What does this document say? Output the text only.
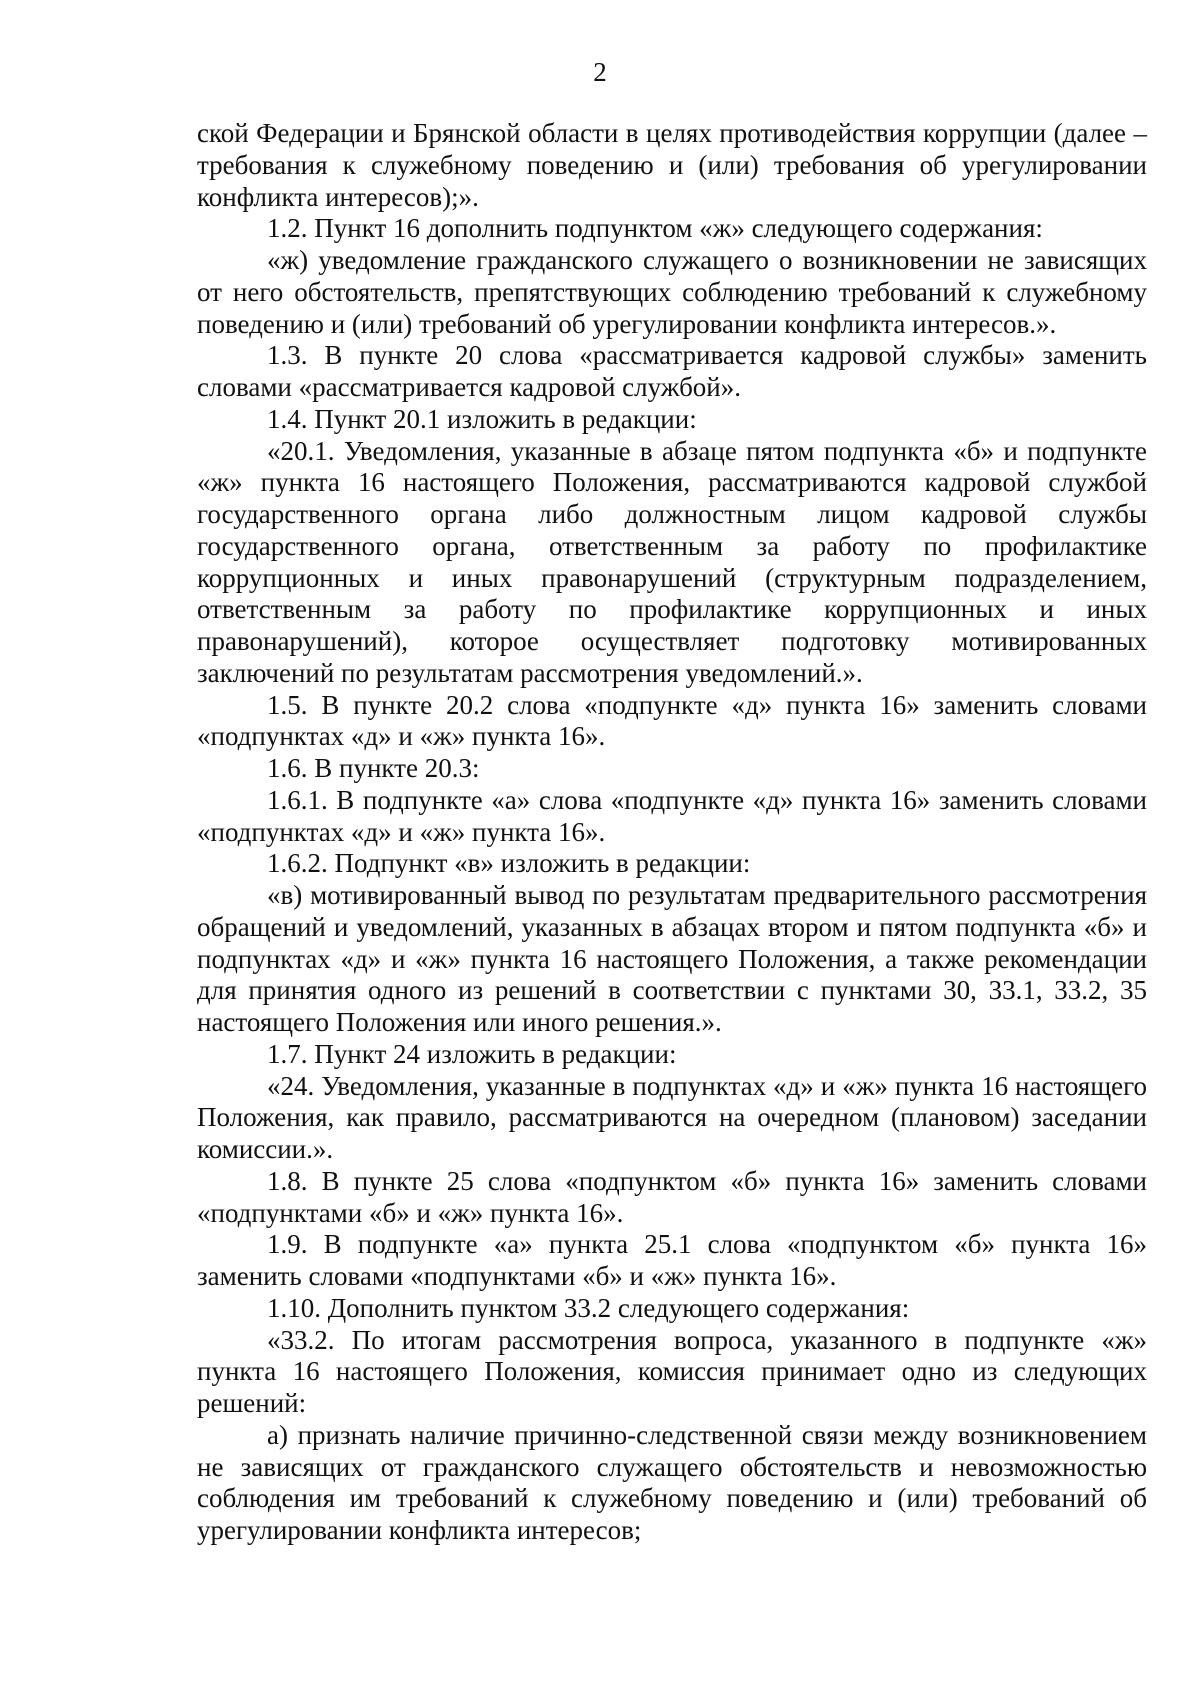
2

ской Федерации и Брянской области в целях противодействия коррупции (далее – требования к служебному поведению и (или) требования об урегулировании конфликта интересов);».

1.2. Пункт 16 дополнить подпунктом «ж» следующего содержания:

«ж) уведомление гражданского служащего о возникновении не зависящих от него обстоятельств, препятствующих соблюдению требований к служебному поведению и (или) требований об урегулировании конфликта интересов.».

1.3. В пункте 20 слова «рассматривается кадровой службы» заменить словами «рассматривается кадровой службой».

1.4. Пункт 20.1 изложить в редакции:

«20.1. Уведомления, указанные в абзаце пятом подпункта «б» и подпункте «ж» пункта 16 настоящего Положения, рассматриваются кадровой службой государственного органа либо должностным лицом кадровой службы государственного органа, ответственным за работу по профилактике коррупционных и иных правонарушений (структурным подразделением, ответственным за работу по профилактике коррупционных и иных правонарушений), которое осуществляет подготовку мотивированных заключений по результатам рассмотрения уведомлений.».

1.5. В пункте 20.2 слова «подпункте «д» пункта 16» заменить словами «подпунктах «д» и «ж» пункта 16».

1.6. В пункте 20.3:

1.6.1. В подпункте «а» слова «подпункте «д» пункта 16» заменить словами «подпунктах «д» и «ж» пункта 16».

1.6.2. Подпункт «в» изложить в редакции:

«в) мотивированный вывод по результатам предварительного рассмотрения обращений и уведомлений, указанных в абзацах втором и пятом подпункта «б» и подпунктах «д» и «ж» пункта 16 настоящего Положения, а также рекомендации для принятия одного из решений в соответствии с пунктами 30, 33.1, 33.2, 35 настоящего Положения или иного решения.».

1.7. Пункт 24 изложить в редакции:

«24. Уведомления, указанные в подпунктах «д» и «ж» пункта 16 настоящего Положения, как правило, рассматриваются на очередном (плановом) заседании комиссии.».

1.8. В пункте 25 слова «подпунктом «б» пункта 16» заменить словами «подпунктами «б» и «ж» пункта 16».

1.9. В подпункте «а» пункта 25.1 слова «подпунктом «б» пункта 16» заменить словами «подпунктами «б» и «ж» пункта 16».

1.10. Дополнить пунктом 33.2 следующего содержания:

«33.2. По итогам рассмотрения вопроса, указанного в подпункте «ж» пункта 16 настоящего Положения, комиссия принимает одно из следующих решений:

а) признать наличие причинно-следственной связи между возникновением не зависящих от гражданского служащего обстоятельств и невозможностью соблюдения им требований к служебному поведению и (или) требований об урегулировании конфликта интересов;
